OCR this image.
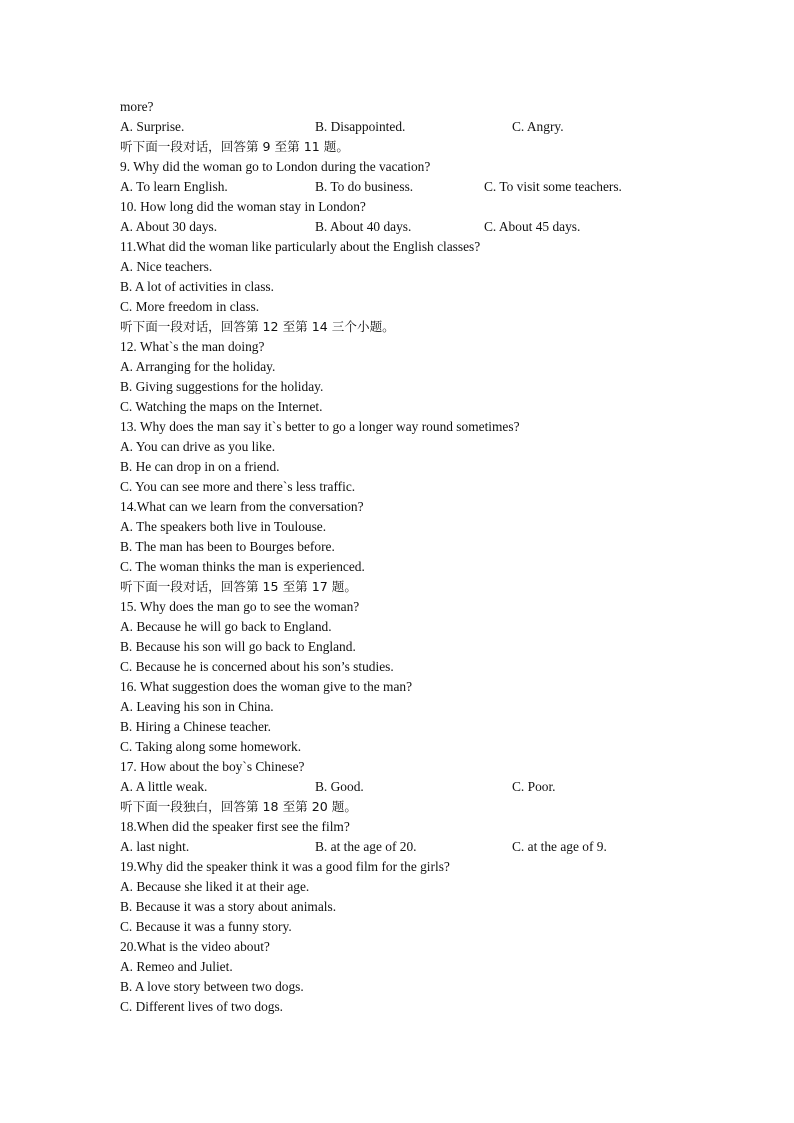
more?
A. Surprise.	B. Disappointed.	C. Angry.
听下面一段对话，回答第 9 至第 11 题。
9. Why did the woman go to London during the vacation?
A. To learn English.	B. To do business.	C. To visit some teachers.
10. How long did the woman stay in London?
A. About 30 days.	B. About 40 days.	C. About 45 days.
11.What did the woman like particularly about the English classes?
A. Nice teachers.
B. A lot of activities in class.
C. More freedom in class.
听下面一段对话，回答第 12 至第 14 三个小题。
12. What`s the man doing?
A. Arranging for the holiday.
B. Giving suggestions for the holiday.
C. Watching the maps on the Internet.
13. Why does the man say it`s better to go a longer way round sometimes?
A. You can drive as you like.
B. He can drop in on a friend.
C. You can see more and there`s less traffic.
14.What can we learn from the conversation?
A. The speakers both live in Toulouse.
B. The man has been to Bourges before.
C. The woman thinks the man is experienced.
听下面一段对话，回答第 15 至第 17 题。
15. Why does the man go to see the woman?
A. Because he will go back to England.
B. Because his son will go back to England.
C. Because he is concerned about his son’s studies.
16. What suggestion does the woman give to the man?
A. Leaving his son in China.
B. Hiring a Chinese teacher.
C. Taking along some homework.
17. How about the boy`s Chinese?
A. A little weak.	B. Good.	C. Poor.
听下面一段独白，回答第 18 至第 20 题。
18.When did the speaker first see the film?
A. last night.	B. at the age of 20.	C. at the age of 9.
19.Why did the speaker think it was a good film for the girls?
A. Because she liked it at their age.
B. Because it was a story about animals.
C. Because it was a funny story.
20.What is the video about?
A. Remeo and Juliet.
B. A love story between two dogs.
C. Different lives of two dogs.
